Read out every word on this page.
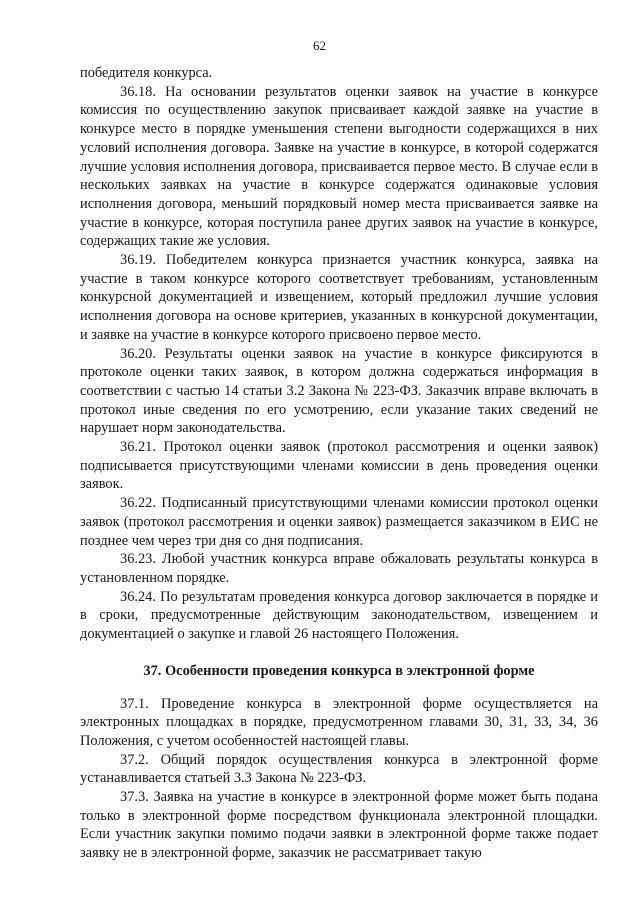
62

победителя конкурса.

36.18. На основании результатов оценки заявок на участие в конкурсе комиссия по осуществлению закупок присваивает каждой заявке на участие в конкурсе место в порядке уменьшения степени выгодности содержащихся в них условий исполнения договора. Заявке на участие в конкурсе, в которой содержатся лучшие условия исполнения договора, присваивается первое место. В случае если в нескольких заявках на участие в конкурсе содержатся одинаковые условия исполнения договора, меньший порядковый номер места присваивается заявке на участие в конкурсе, которая поступила ранее других заявок на участие в конкурсе, содержащих такие же условия.

36.19. Победителем конкурса признается участник конкурса, заявка на участие в таком конкурсе которого соответствует требованиям, установленным конкурсной документацией и извещением, который предложил лучшие условия исполнения договора на основе критериев, указанных в конкурсной документации, и заявке на участие в конкурсе которого присвоено первое место.

36.20. Результаты оценки заявок на участие в конкурсе фиксируются в протоколе оценки таких заявок, в котором должна содержаться информация в соответствии с частью 14 статьи 3.2 Закона № 223-ФЗ. Заказчик вправе включать в протокол иные сведения по его усмотрению, если указание таких сведений не нарушает норм законодательства.

36.21. Протокол оценки заявок (протокол рассмотрения и оценки заявок) подписывается присутствующими членами комиссии в день проведения оценки заявок.

36.22. Подписанный присутствующими членами комиссии протокол оценки заявок (протокол рассмотрения и оценки заявок) размещается заказчиком в ЕИС не позднее чем через три дня со дня подписания.

36.23. Любой участник конкурса вправе обжаловать результаты конкурса в установленном порядке.

36.24. По результатам проведения конкурса договор заключается в порядке и в сроки, предусмотренные действующим законодательством, извещением и документацией о закупке и главой 26 настоящего Положения.

37. Особенности проведения конкурса в электронной форме

37.1. Проведение конкурса в электронной форме осуществляется на электронных площадках в порядке, предусмотренном главами 30, 31, 33, 34, 36 Положения, с учетом особенностей настоящей главы.

37.2. Общий порядок осуществления конкурса в электронной форме устанавливается статьей 3.3 Закона № 223-ФЗ.

37.3. Заявка на участие в конкурсе в электронной форме может быть подана только в электронной форме посредством функционала электронной площадки. Если участник закупки помимо подачи заявки в электронной форме также подает заявку не в электронной форме, заказчик не рассматривает такую
